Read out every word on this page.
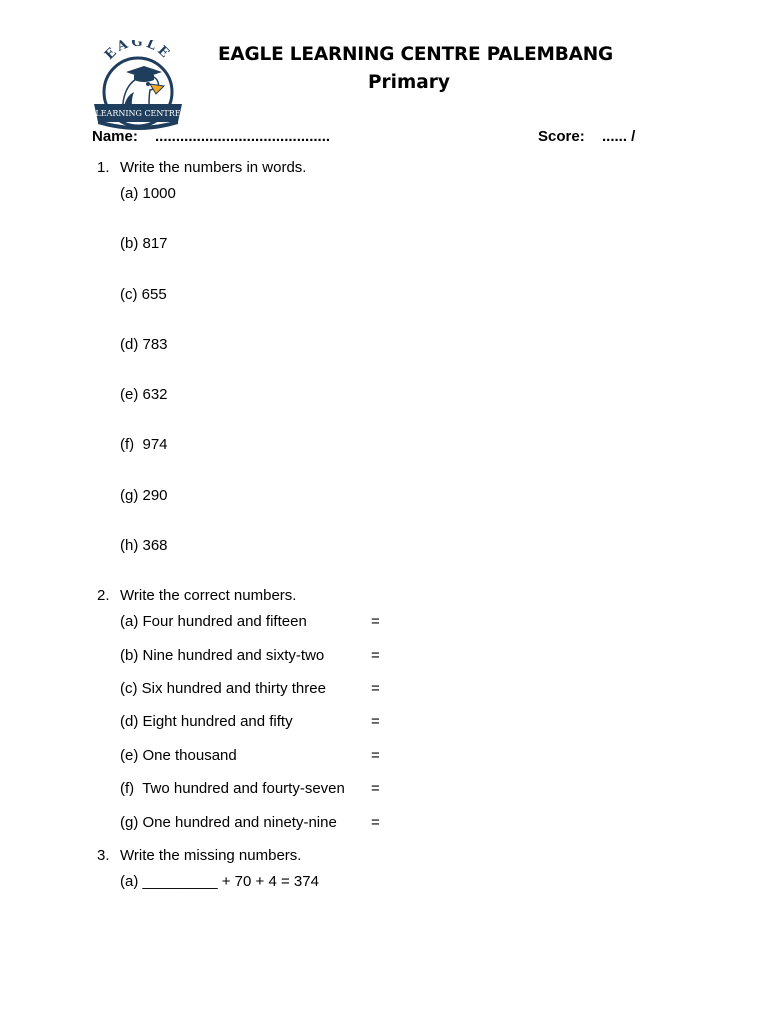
EAGLE
LEARNING CENTRE
EAGLE LEARNING CENTRE PALEMBANG
Primary
Name: ..........................................	Score: ...... /
1. Write the numbers in words.
(a) 1000
(b) 817
(c) 655
(d) 783
(e) 632
(f)  974
(g) 290
(h) 368
2. Write the correct numbers.
(a) Four hundred and fifteen	=
(b) Nine hundred and sixty-two	=
(c) Six hundred and thirty three	=
(d) Eight hundred and fifty	=
(e) One thousand	=
(f)  Two hundred and fourty-seven =
(g) One hundred and ninety-nine =
3. Write the missing numbers.
(a) _________ + 70 + 4 = 374
